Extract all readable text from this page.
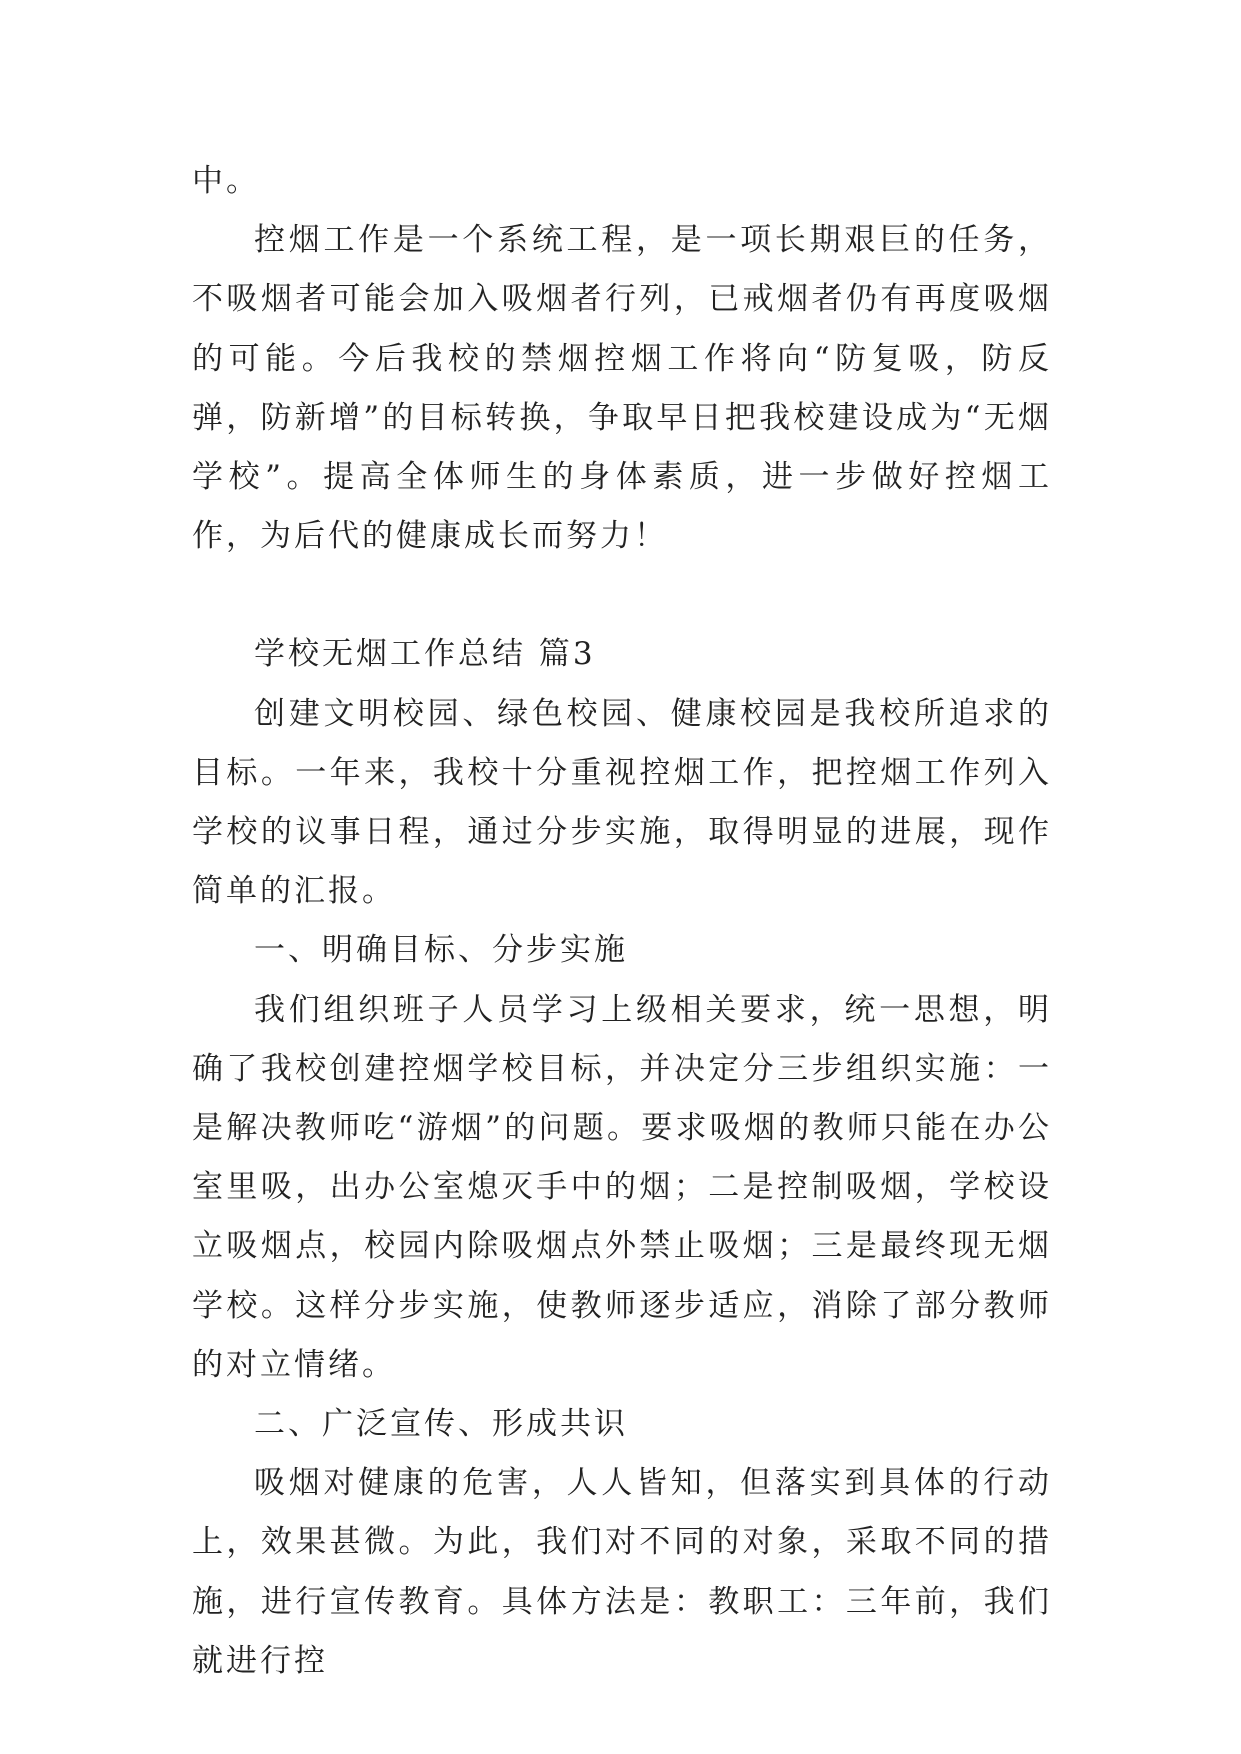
中。

控烟工作是一个系统工程，是一项长期艰巨的任务，不吸烟者可能会加入吸烟者行列，已戒烟者仍有再度吸烟的可能。今后我校的禁烟控烟工作将向“防复吸，防反弹，防新增”的目标转换，争取早日把我校建设成为“无烟学校”。提高全体师生的身体素质，进一步做好控烟工作，为后代的健康成长而努力！

学校无烟工作总结 篇3

创建文明校园、绿色校园、健康校园是我校所追求的目标。一年来，我校十分重视控烟工作，把控烟工作列入学校的议事日程，通过分步实施，取得明显的进展，现作简单的汇报。

一、明确目标、分步实施

我们组织班子人员学习上级相关要求，统一思想，明确了我校创建控烟学校目标，并决定分三步组织实施：一是解决教师吃“游烟”的问题。要求吸烟的教师只能在办公室里吸，出办公室熄灭手中的烟；二是控制吸烟，学校设立吸烟点，校园内除吸烟点外禁止吸烟；三是最终现无烟学校。这样分步实施，使教师逐步适应，消除了部分教师的对立情绪。

二、广泛宣传、形成共识

吸烟对健康的危害，人人皆知，但落实到具体的行动上，效果甚微。为此，我们对不同的对象，采取不同的措施，进行宣传教育。具体方法是：教职工：三年前，我们就进行控
